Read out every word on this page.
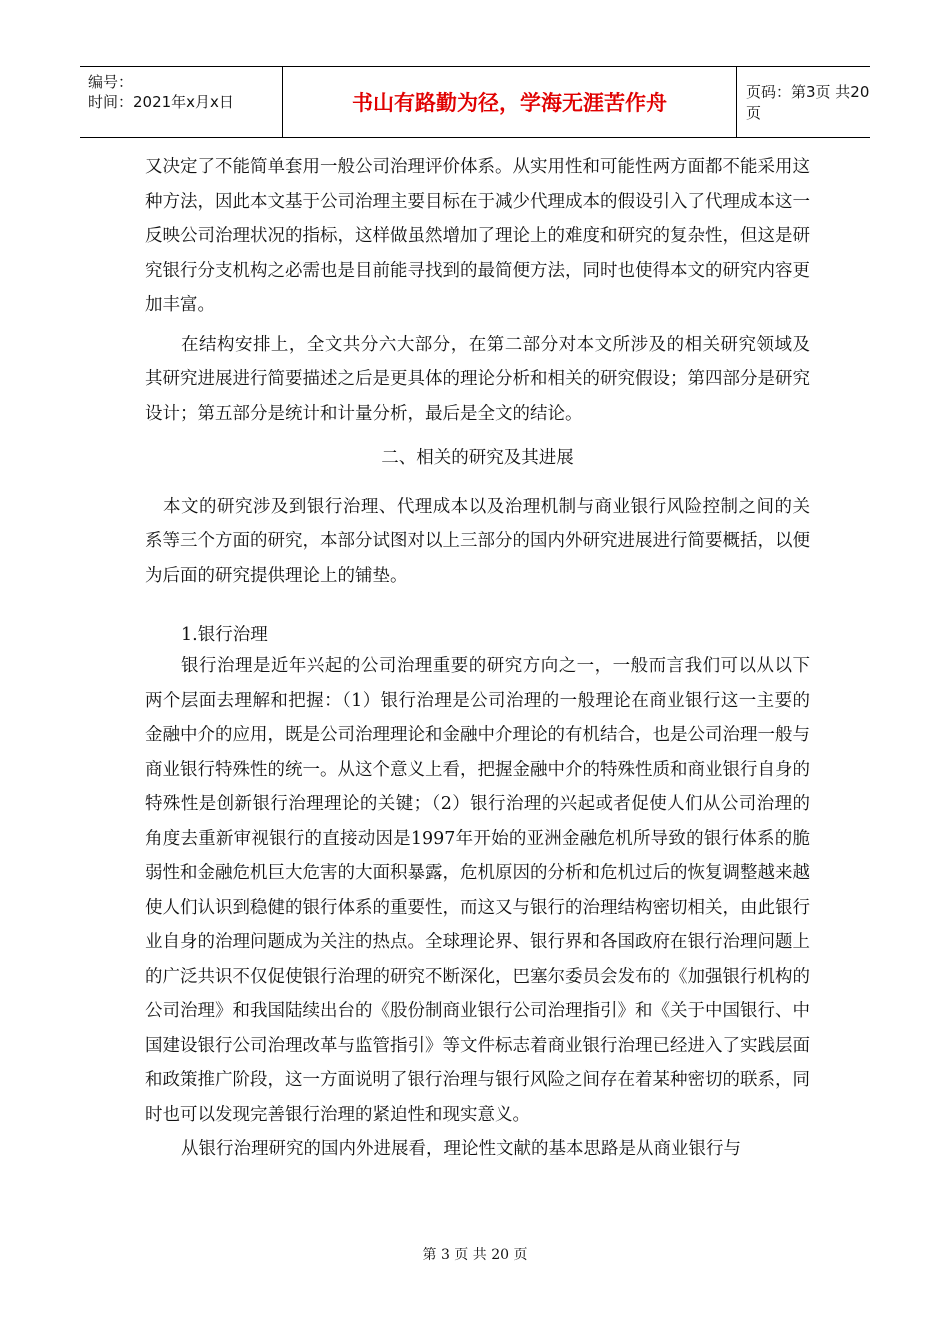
编号：
时间：2021年x月x日	书山有路勤为径，学海无涯苦作舟	页码：第3页 共20页

又决定了不能简单套用一般公司治理评价体系。从实用性和可能性两方面都不能采用这种方法，因此本文基于公司治理主要目标在于减少代理成本的假设引入了代理成本这一反映公司治理状况的指标，这样做虽然增加了理论上的难度和研究的复杂性，但这是研究银行分支机构之必需也是目前能寻找到的最简便方法，同时也使得本文的研究内容更加丰富。

在结构安排上，全文共分六大部分，在第二部分对本文所涉及的相关研究领域及其研究进展进行简要描述之后是更具体的理论分析和相关的研究假设；第四部分是研究设计；第五部分是统计和计量分析，最后是全文的结论。

二、相关的研究及其进展

本文的研究涉及到银行治理、代理成本以及治理机制与商业银行风险控制之间的关系等三个方面的研究，本部分试图对以上三部分的国内外研究进展进行简要概括，以便为后面的研究提供理论上的铺垫。

1.银行治理

银行治理是近年兴起的公司治理重要的研究方向之一，一般而言我们可以从以下两个层面去理解和把握：（1）银行治理是公司治理的一般理论在商业银行这一主要的金融中介的应用，既是公司治理理论和金融中介理论的有机结合，也是公司治理一般与商业银行特殊性的统一。从这个意义上看，把握金融中介的特殊性质和商业银行自身的特殊性是创新银行治理理论的关键；（2）银行治理的兴起或者促使人们从公司治理的角度去重新审视银行的直接动因是1997年开始的亚洲金融危机所导致的银行体系的脆弱性和金融危机巨大危害的大面积暴露，危机原因的分析和危机过后的恢复调整越来越使人们认识到稳健的银行体系的重要性，而这又与银行的治理结构密切相关，由此银行业自身的治理问题成为关注的热点。全球理论界、银行界和各国政府在银行治理问题上的广泛共识不仅促使银行治理的研究不断深化，巴塞尔委员会发布的《加强银行机构的公司治理》和我国陆续出台的《股份制商业银行公司治理指引》和《关于中国银行、中国建设银行公司治理改革与监管指引》等文件标志着商业银行治理已经进入了实践层面和政策推广阶段，这一方面说明了银行治理与银行风险之间存在着某种密切的联系，同时也可以发现完善银行治理的紧迫性和现实意义。

从银行治理研究的国内外进展看，理论性文献的基本思路是从商业银行与

第 3 页 共 20 页
